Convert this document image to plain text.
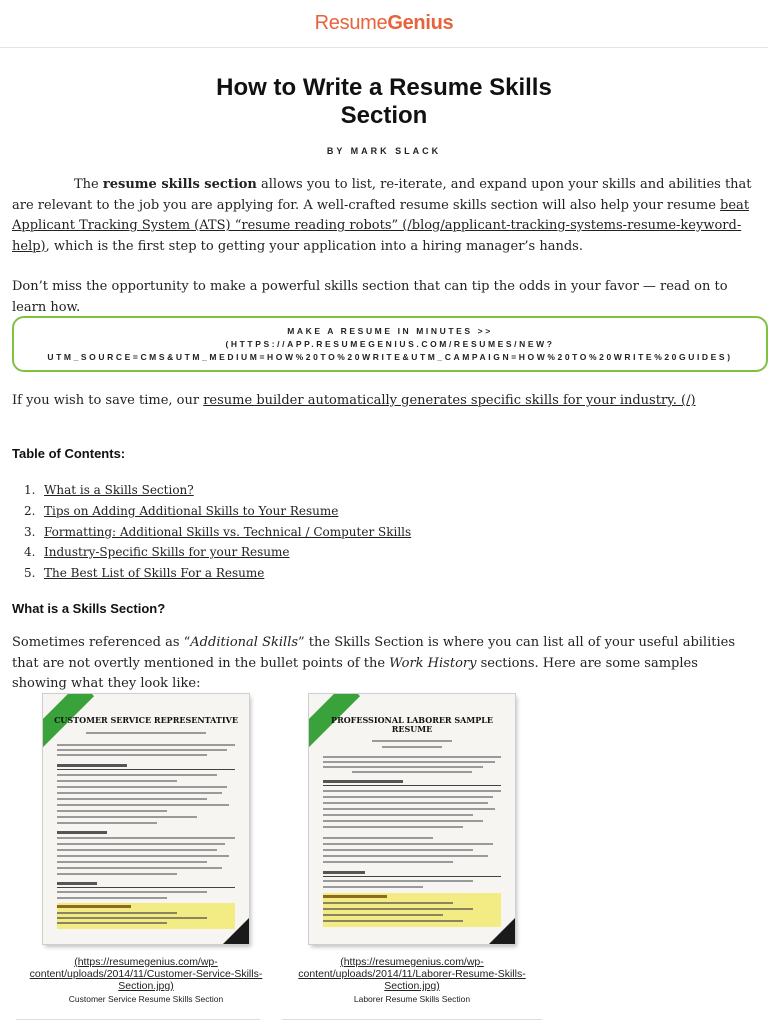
ResumeGenius
How to Write a Resume Skills
Section
BY MARK SLACK

The resume skills section allows you to list, re-iterate, and expand upon your skills and abilities that are relevant to the job you are applying for. A well-crafted resume skills section will also help your resume beat Applicant Tracking System (ATS) “resume reading robots” (/blog/applicant-tracking-systems-resume-keyword-help), which is the first step to getting your application into a hiring manager’s hands.

Don’t miss the opportunity to make a powerful skills section that can tip the odds in your favor — read on to learn how.

MAKE A RESUME IN MINUTES >>
(HTTPS://APP.RESUMEGENIUS.COM/RESUMES/NEW?
UTM_SOURCE=CMS&UTM_MEDIUM=HOW%20TO%20WRITE&UTM_CAMPAIGN=HOW%20TO%20WRITE%20GUIDES)

If you wish to save time, our resume builder automatically generates specific skills for your industry. (/)

Table of Contents:
1. What is a Skills Section?
2. Tips on Adding Additional Skills to Your Resume
3. Formatting: Additional Skills vs. Technical / Computer Skills
4. Industry-Specific Skills for your Resume
5. The Best List of Skills For a Resume
What is a Skills Section?

Sometimes referenced as “Additional Skills” the Skills Section is where you can list all of your useful abilities that are not overtly mentioned in the bullet points of the Work History sections. Here are some samples showing what they look like:

CUSTOMER SERVICE REPRESENTATIVE
(https://resumegenius.com/wp-content/uploads/2014/11/Customer-Service-Skills-Section.jpg)
Customer Service Resume Skills Section
PROFESSIONAL LABORER SAMPLE RESUME
(https://resumegenius.com/wp-content/uploads/2014/11/Laborer-Resume-Skills-Section.jpg)
Laborer Resume Skills Section
